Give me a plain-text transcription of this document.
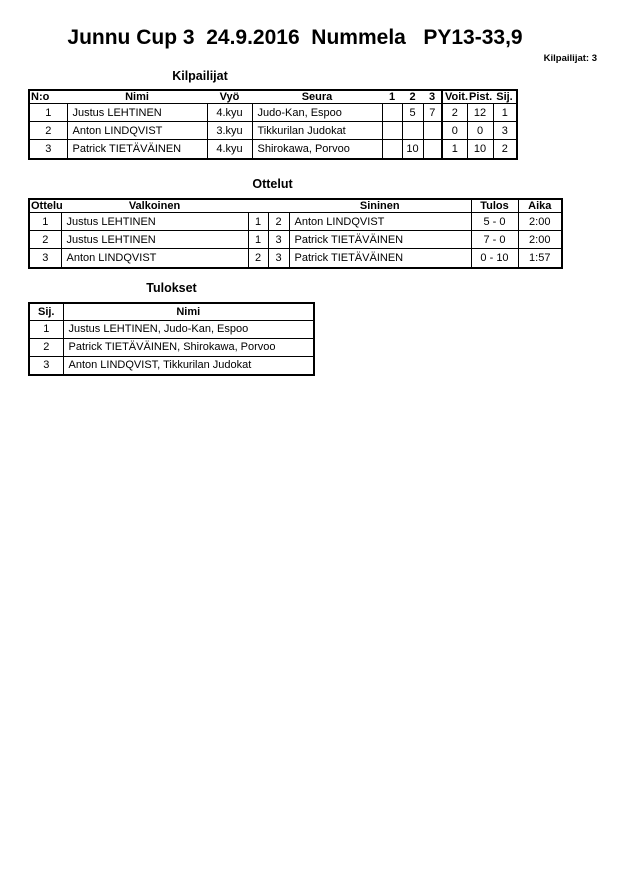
Junnu Cup 3  24.9.2016  Nummela   PY13-33,9
Kilpailijat: 3
Kilpailijat
N:o	Nimi	Vyö	Seura	1	2	3	Voit.	Pist.	Sij.
1	Justus LEHTINEN	4.kyu	Judo-Kan, Espoo		5	7	2	12	1
2	Anton LINDQVIST	3.kyu	Tikkurilan Judokat				0	0	3
3	Patrick TIETÄVÄINEN	4.kyu	Shirokawa, Porvoo		10		1	10	2
Ottelut
Ottelu	Valkoinen			Sininen	Tulos	Aika
1	Justus LEHTINEN	1	2	Anton LINDQVIST	5 - 0	2:00
2	Justus LEHTINEN	1	3	Patrick TIETÄVÄINEN	7 - 0	2:00
3	Anton LINDQVIST	2	3	Patrick TIETÄVÄINEN	0 - 10	1:57
Tulokset
Sij.	Nimi
1	Justus LEHTINEN, Judo-Kan, Espoo
2	Patrick TIETÄVÄINEN, Shirokawa, Porvoo
3	Anton LINDQVIST, Tikkurilan Judokat
